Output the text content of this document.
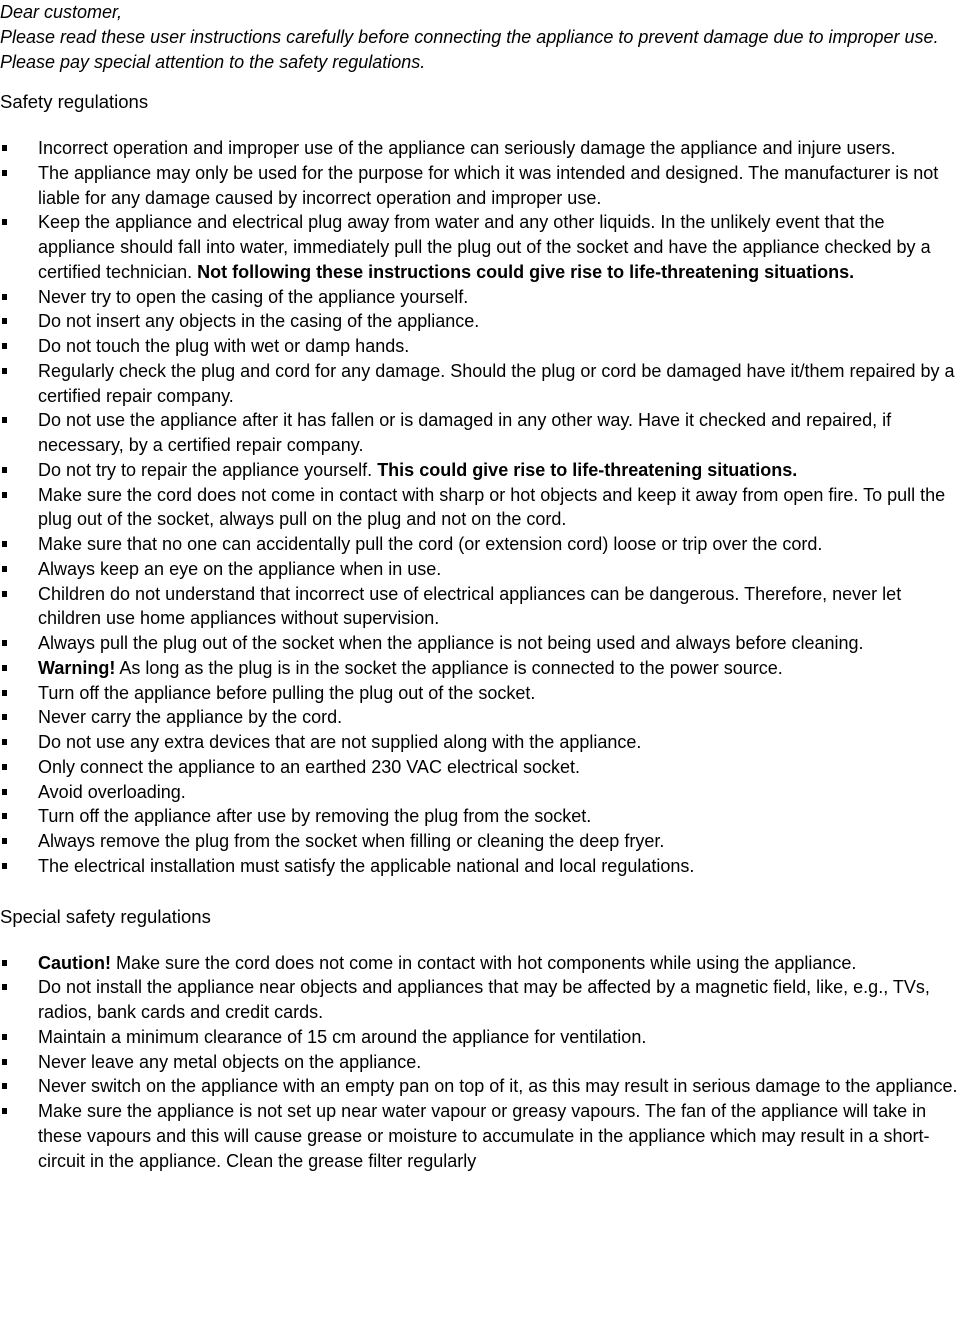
Dear customer,

Please read these user instructions carefully before connecting the appliance to prevent damage due to improper use. Please pay special attention to the safety regulations.

Safety regulations
Incorrect operation and improper use of the appliance can seriously damage the appliance and injure users.
The appliance may only be used for the purpose for which it was intended and designed. The manufacturer is not liable for any damage caused by incorrect operation and improper use.
Keep the appliance and electrical plug away from water and any other liquids. In the unlikely event that the appliance should fall into water, immediately pull the plug out of the socket and have the appliance checked by a certified technician. Not following these instructions could give rise to life-threatening situations.
Never try to open the casing of the appliance yourself.
Do not insert any objects in the casing of the appliance.
Do not touch the plug with wet or damp hands.
Regularly check the plug and cord for any damage. Should the plug or cord be damaged have it/them repaired by a certified repair company.
Do not use the appliance after it has fallen or is damaged in any other way. Have it checked and repaired, if necessary, by a certified repair company.
Do not try to repair the appliance yourself. This could give rise to life-threatening situations.
Make sure the cord does not come in contact with sharp or hot objects and keep it away from open fire. To pull the plug out of the socket, always pull on the plug and not on the cord.
Make sure that no one can accidentally pull the cord (or extension cord) loose or trip over the cord.
Always keep an eye on the appliance when in use.
Children do not understand that incorrect use of electrical appliances can be dangerous. Therefore, never let children use home appliances without supervision.
Always pull the plug out of the socket when the appliance is not being used and always before cleaning.
Warning! As long as the plug is in the socket the appliance is connected to the power source.
Turn off the appliance before pulling the plug out of the socket.
Never carry the appliance by the cord.
Do not use any extra devices that are not supplied along with the appliance.
Only connect the appliance to an earthed 230 VAC electrical socket.
Avoid overloading.
Turn off the appliance after use by removing the plug from the socket.
Always remove the plug from the socket when filling or cleaning the deep fryer.
The electrical installation must satisfy the applicable national and local regulations.
Special safety regulations
Caution! Make sure the cord does not come in contact with hot components while using the appliance.
Do not install the appliance near objects and appliances that may be affected by a magnetic field, like, e.g., TVs, radios, bank cards and credit cards.
Maintain a minimum clearance of 15 cm around the appliance for ventilation.
Never leave any metal objects on the appliance.
Never switch on the appliance with an empty pan on top of it, as this may result in serious damage to the appliance.
Make sure the appliance is not set up near water vapour or greasy vapours. The fan of the appliance will take in these vapours and this will cause grease or moisture to accumulate in the appliance which may result in a short-circuit in the appliance. Clean the grease filter regularly
